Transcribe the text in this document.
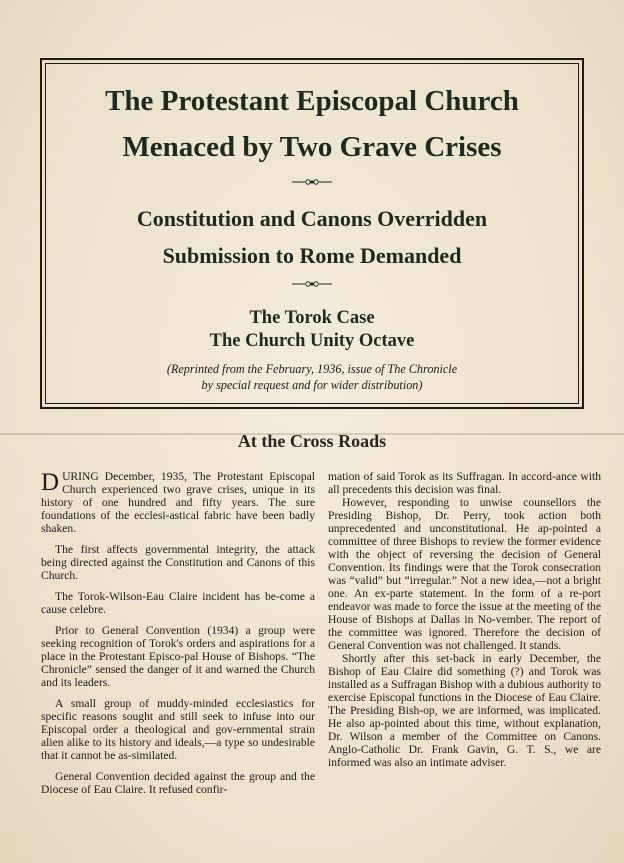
The Protestant Episcopal Church
Menaced by Two Grave Crises
Constitution and Canons Overridden
Submission to Rome Demanded
The Torok Case
The Church Unity Octave
(Reprinted from the February, 1936, issue of The Chronicle
by special request and for wider distribution)
At the Cross Roads

DURING December, 1935, The Protestant Episcopal Church experienced two grave crises, unique in its history of one hundred and fifty years. The sure foundations of the ecclesi-astical fabric have been badly shaken.

The first affects governmental integrity, the attack being directed against the Constitution and Canons of this Church.

The Torok-Wilson-Eau Claire incident has be-come a cause celebre.

Prior to General Convention (1934) a group were seeking recognition of Torok's orders and aspirations for a place in the Protestant Episco-pal House of Bishops. “The Chronicle” sensed the danger of it and warned the Church and its leaders.

A small group of muddy-minded ecclesiastics for specific reasons sought and still seek to infuse into our Episcopal order a theological and gov-ernmental strain alien alike to its history and ideals,—a type so undesirable that it cannot be as-similated.

General Convention decided against the group and the Diocese of Eau Claire. It refused confir-

mation of said Torok as its Suffragan. In accord-ance with all precedents this decision was final.

However, responding to unwise counsellors the Presiding Bishop, Dr. Perry, took action both unprecedented and unconstitutional. He ap-pointed a committee of three Bishops to review the former evidence with the object of reversing the decision of General Convention. Its findings were that the Torok consecration was “valid” but “irregular.” Not a new idea,—not a bright one. An ex-parte statement. In the form of a re-port endeavor was made to force the issue at the meeting of the House of Bishops at Dallas in No-vember. The report of the committee was ignored. Therefore the decision of General Convention was not challenged. It stands.

Shortly after this set-back in early December, the Bishop of Eau Claire did something (?) and Torok was installed as a Suffragan Bishop with a dubious authority to exercise Episcopal functions in the Diocese of Eau Claire. The Presiding Bish-op, we are informed, was implicated. He also ap-pointed about this time, without explanation, Dr. Wilson a member of the Committee on Canons. Anglo-Catholic Dr. Frank Gavin, G. T. S., we are informed was also an intimate adviser.
